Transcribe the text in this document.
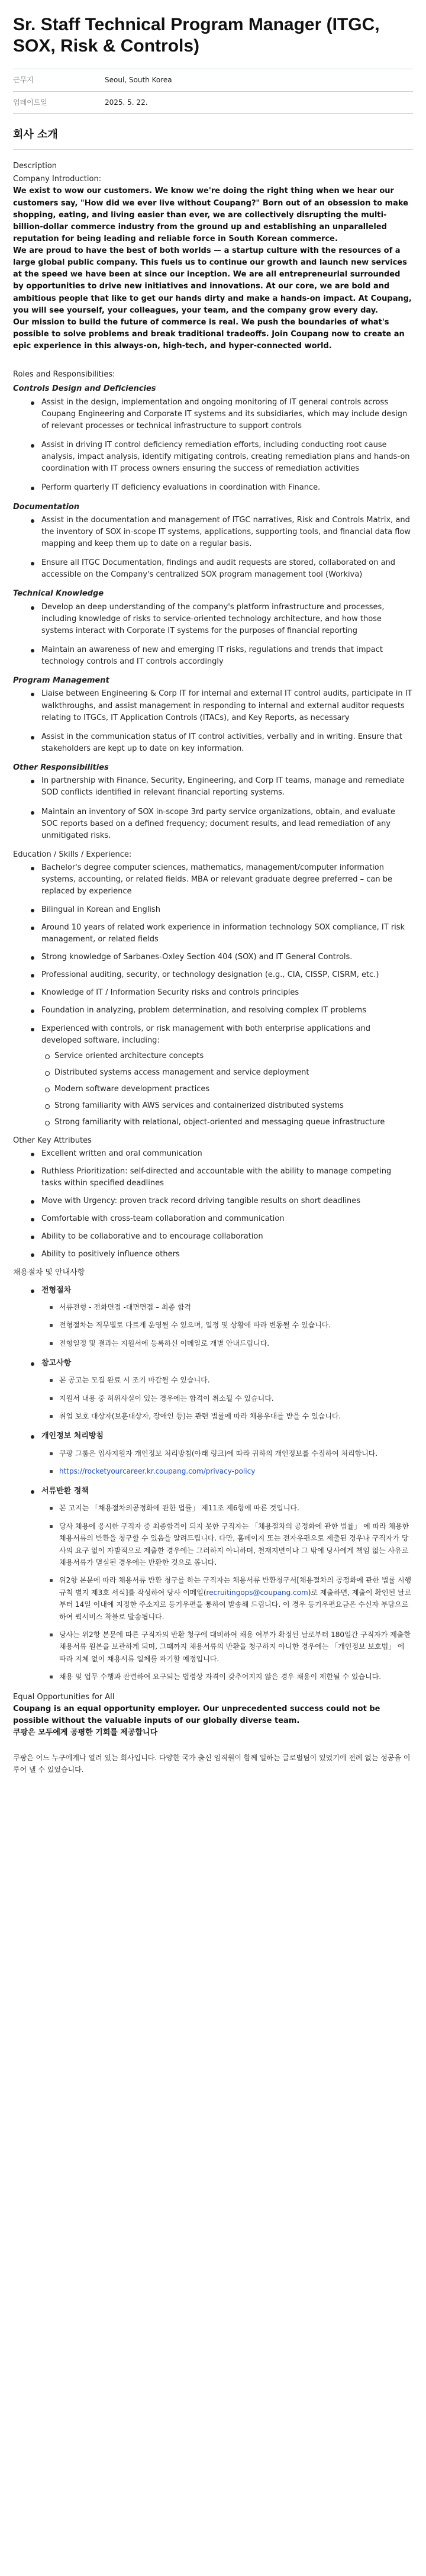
Sr. Staff Technical Program Manager (ITGC, SOX, Risk & Controls)
근무지	Seoul, South Korea
업데이트일	2025. 5. 22.
회사 소개
Description
Company Introduction:

We exist to wow our customers. We know we're doing the right thing when we hear our customers say, "How did we ever live without Coupang?" Born out of an obsession to make shopping, eating, and living easier than ever, we are collectively disrupting the multi-billion-dollar commerce industry from the ground up and establishing an unparalleled reputation for being leading and reliable force in South Korean commerce.

We are proud to have the best of both worlds — a startup culture with the resources of a large global public company. This fuels us to continue our growth and launch new services at the speed we have been at since our inception. We are all entrepreneurial surrounded by opportunities to drive new initiatives and innovations. At our core, we are bold and ambitious people that like to get our hands dirty and make a hands-on impact. At Coupang, you will see yourself, your colleagues, your team, and the company grow every day.

Our mission to build the future of commerce is real. We push the boundaries of what's possible to solve problems and break traditional tradeoffs. Join Coupang now to create an epic experience in this always-on, high-tech, and hyper-connected world.

Roles and Responsibilities:
Controls Design and Deficiencies
Assist in the design, implementation and ongoing monitoring of IT general controls across Coupang Engineering and Corporate IT systems and its subsidiaries, which may include design of relevant processes or technical infrastructure to support controls
Assist in driving IT control deficiency remediation efforts, including conducting root cause analysis, impact analysis, identify mitigating controls, creating remediation plans and hands-on coordination with IT process owners ensuring the success of remediation activities
Perform quarterly IT deficiency evaluations in coordination with Finance.
Documentation
Assist in the documentation and management of ITGC narratives, Risk and Controls Matrix, and the inventory of SOX in-scope IT systems, applications, supporting tools, and financial data flow mapping and keep them up to date on a regular basis.
Ensure all ITGC Documentation, findings and audit requests are stored, collaborated on and accessible on the Company's centralized SOX program management tool (Workiva)
Technical Knowledge
Develop an deep understanding of the company's platform infrastructure and processes, including knowledge of risks to service-oriented technology architecture, and how those systems interact with Corporate IT systems for the purposes of financial reporting
Maintain an awareness of new and emerging IT risks, regulations and trends that impact technology controls and IT controls accordingly
Program Management
Liaise between Engineering & Corp IT for internal and external IT control audits, participate in IT walkthroughs, and assist management in responding to internal and external auditor requests relating to ITGCs, IT Application Controls (ITACs), and Key Reports, as necessary
Assist in the communication status of IT control activities, verbally and in writing. Ensure that stakeholders are kept up to date on key information.
Other Responsibilities
In partnership with Finance, Security, Engineering, and Corp IT teams, manage and remediate SOD conflicts identified in relevant financial reporting systems.
Maintain an inventory of SOX in-scope 3rd party service organizations, obtain, and evaluate SOC reports based on a defined frequency; document results, and lead remediation of any unmitigated risks.
Education / Skills / Experience:
Bachelor's degree computer sciences, mathematics, management/computer information systems, accounting, or related fields. MBA or relevant graduate degree preferred – can be replaced by experience
Bilingual in Korean and English
Around 10 years of related work experience in information technology SOX compliance, IT risk management, or related fields
Strong knowledge of Sarbanes-Oxley Section 404 (SOX) and IT General Controls.
Professional auditing, security, or technology designation (e.g., CIA, CISSP, CISRM, etc.)
Knowledge of IT / Information Security risks and controls principles
Foundation in analyzing, problem determination, and resolving complex IT problems
Experienced with controls, or risk management with both enterprise applications and developed software, including:
Service oriented architecture concepts
Distributed systems access management and service deployment
Modern software development practices
Strong familiarity with AWS services and containerized distributed systems
Strong familiarity with relational, object-oriented and messaging queue infrastructure
Other Key Attributes
Excellent written and oral communication
Ruthless Prioritization: self-directed and accountable with the ability to manage competing tasks within specified deadlines
Move with Urgency: proven track record driving tangible results on short deadlines
Comfortable with cross-team collaboration and communication
Ability to be collaborative and to encourage collaboration
Ability to positively influence others
채용절차 및 안내사항
전형절차
서류전형 - 전화면접 -대면면접 – 최종 합격
전형절차는 직무별로 다르게 운영될 수 있으며, 일정 및 상황에 따라 변동될 수 있습니다.
전형일정 및 결과는 지원서에 등록하신 이메일로 개별 안내드립니다.
참고사항
본 공고는 모집 완료 시 조기 마감될 수 있습니다.
지원서 내용 중 허위사실이 있는 경우에는 합격이 취소될 수 있습니다.
취업 보호 대상자(보훈대상자, 장애인 등)는 관련 법률에 따라 채용우대를 받을 수 있습니다.
개인정보 처리방침
쿠팡 그룹은 입사지원자 개인정보 처리방침(아래 링크)에 따라 귀하의 개인정보를 수집하여 처리합니다.
https://rocketyourcareer.kr.coupang.com/privacy-policy
서류반환 정책
본 고지는 「채용절차의공정화에 관한 법률」 제11조 제6항에 따른 것입니다.
당사 채용에 응시한 구직자 중 최종합격이 되지 못한 구직자는 「채용절차의 공정화에 관한 법률」 에 따라 채용한 채용서류의 반환을 청구할 수 있음을 알려드립니다. 다만, 홈페이지 또는 전자우편으로 제출된 경우나 구직자가 당사의 요구 없이 자발적으로 제출한 경우에는 그러하지 아니하며, 천재지변이나 그 밖에 당사에게 책임 없는 사유로 채용서류가 멸실된 경우에는 반환한 것으로 봅니다.
위2항 본문에 따라 채용서류 반환 청구를 하는 구직자는 채용서류 반환청구서[채용절차의 공정화에 관한 법률 시행규칙 별지 제3호 서식]를 작성하여 당사 이메일(recruitingops@coupang.com)로 제출하면, 제출이 확인된 날로부터 14일 이내에 지정한 주소지로 등기우편을 통하여 발송해 드립니다. 이 경우 등기우편요금은 수신자 부담으로 하여 퀵서비스 착불로 발송됩니다.
당사는 위2항 본문에 따른 구직자의 반환 청구에 대비하여 채용 여부가 확정된 날로부터 180일간 구직자가 제출한 채용서류 원본을 보관하게 되며, 그때까지 채용서류의 반환을 청구하지 아니한 경우에는 「개인정보 보호법」 에 따라 지체 없이 채용서류 일체를 파기할 예정입니다.
채용 및 업무 수행과 관련하여 요구되는 법령상 자격이 갖추어지지 않은 경우 채용이 제한될 수 있습니다.
Equal Opportunities for All
Coupang is an equal opportunity employer. Our unprecedented success could not be possible without the valuable inputs of our globally diverse team.
쿠팡은 모두에게 공평한 기회를 제공합니다
쿠팡은 어느 누구에게나 열려 있는 회사입니다. 다양한 국가 출신 임직원이 함께 일하는 글로벌팀이 있었기에 전례 없는 성공을 이루어 낼 수 있었습니다.
